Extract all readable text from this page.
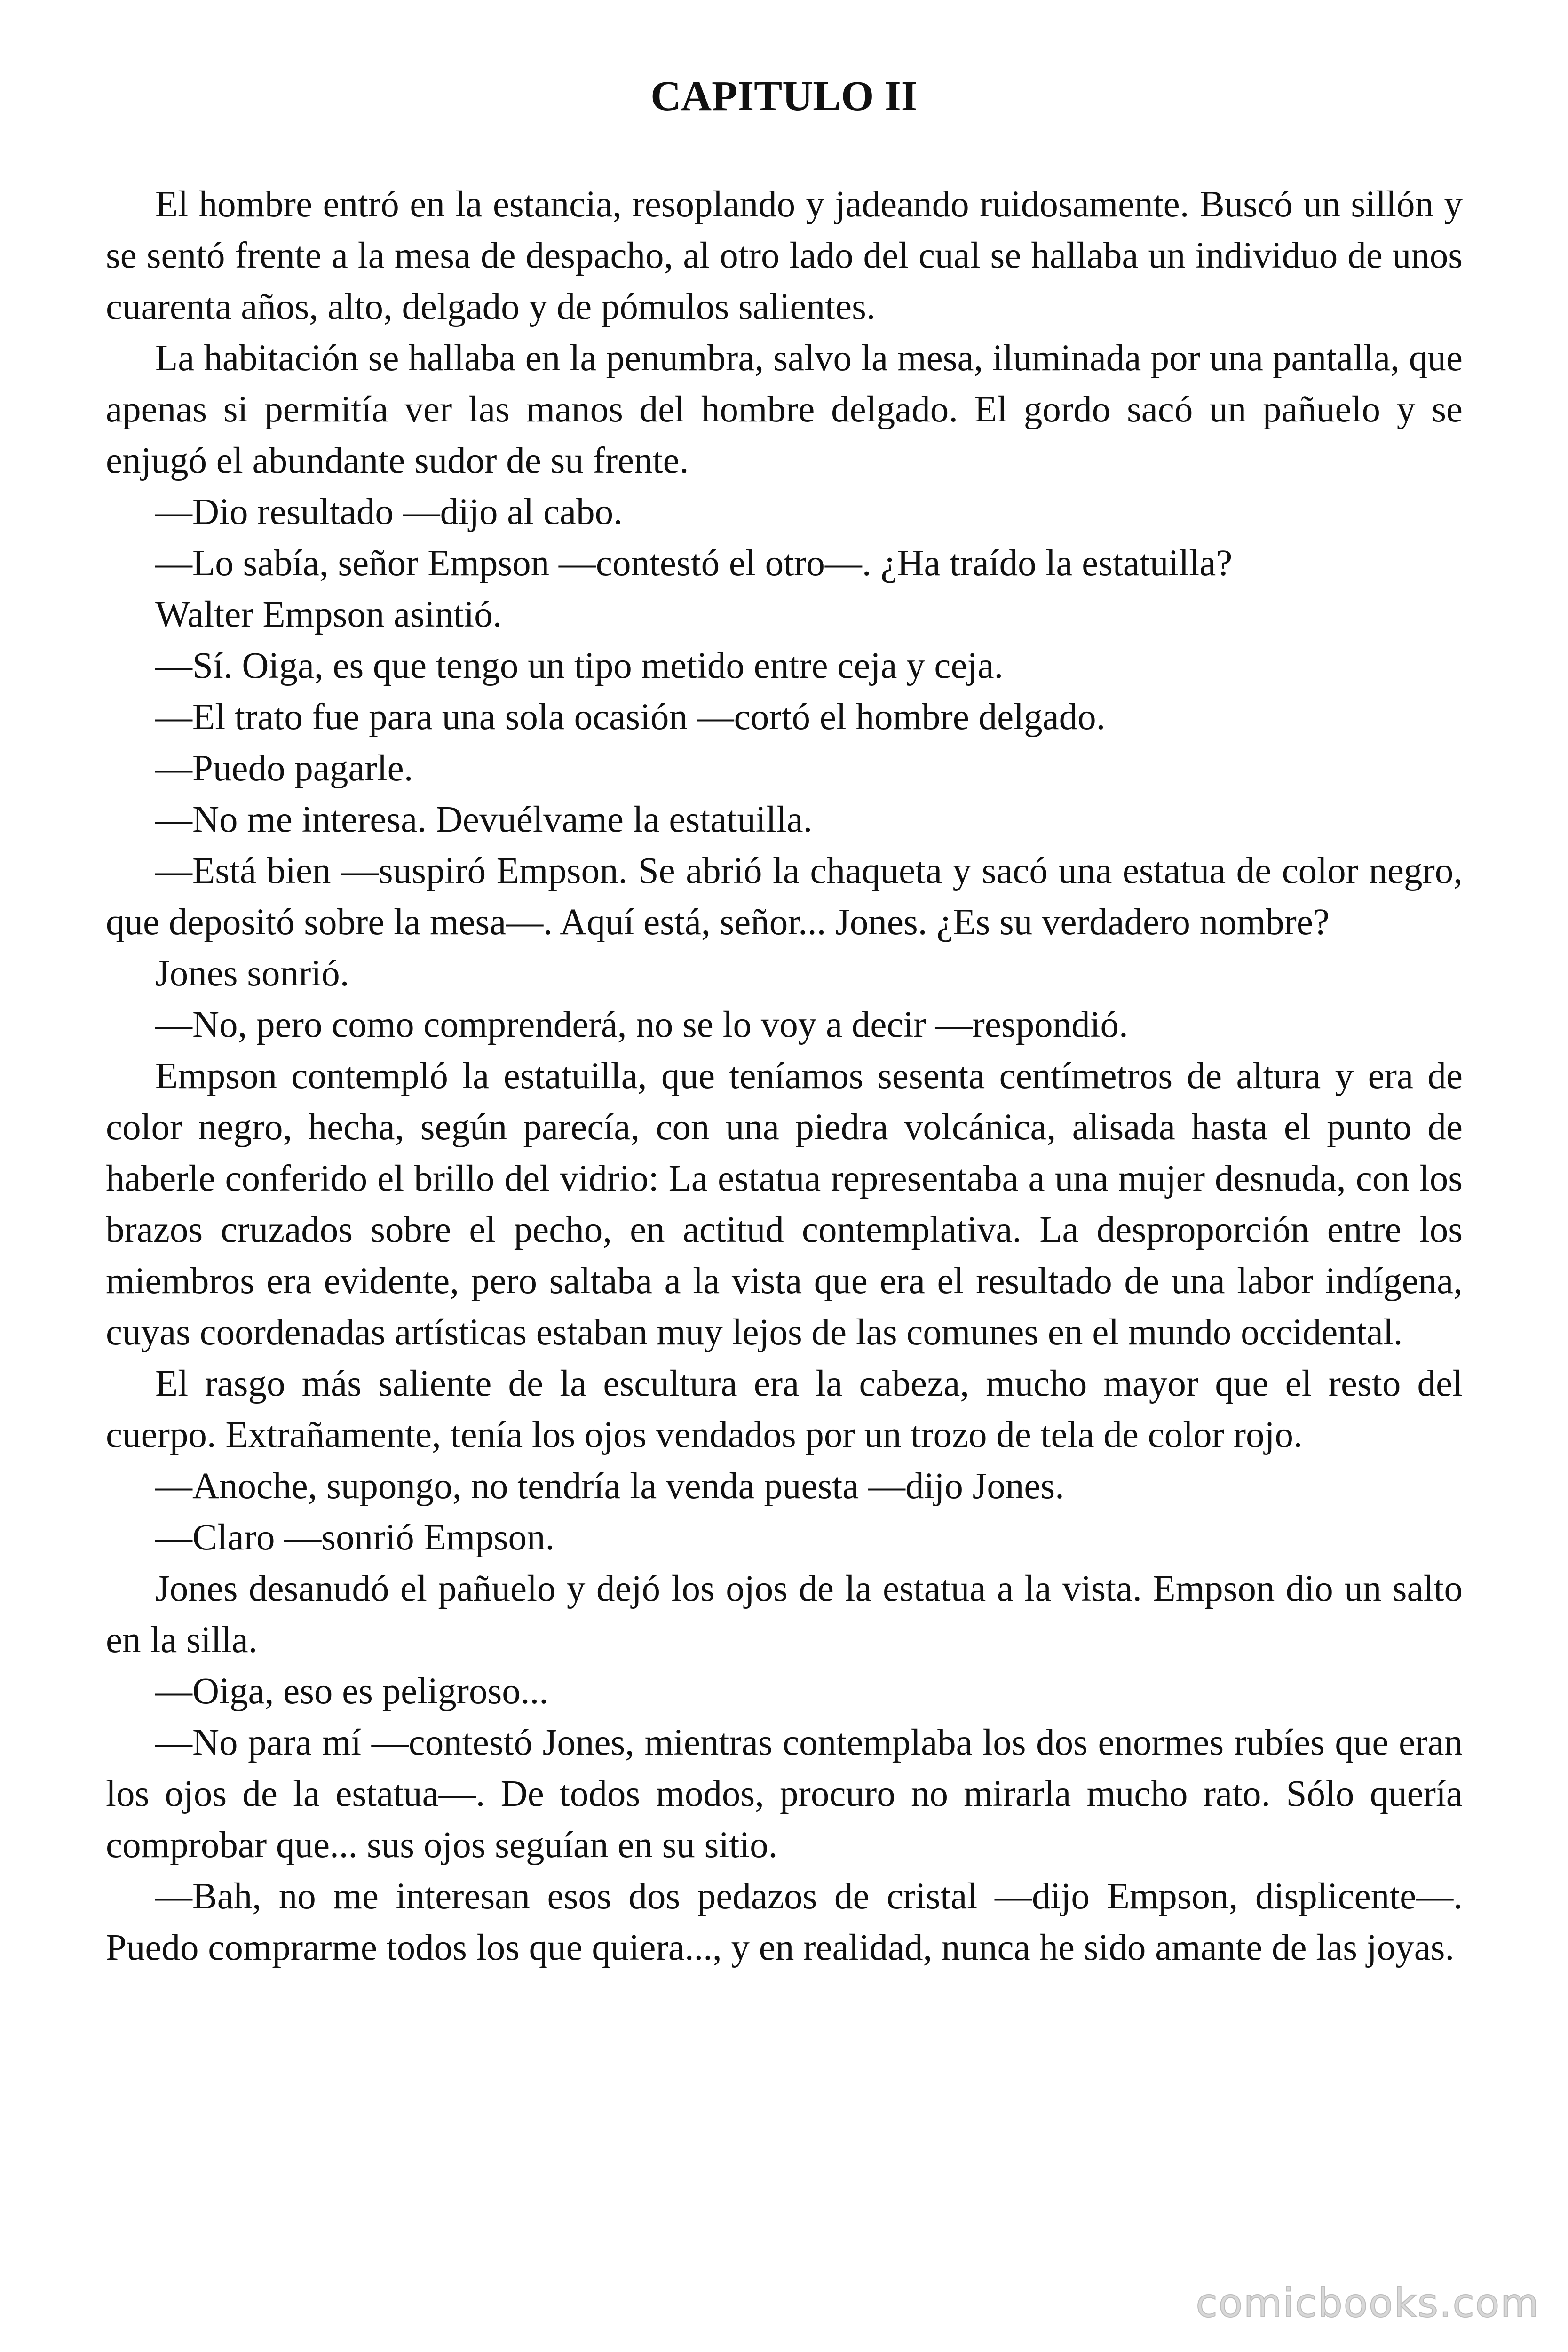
CAPITULO II

El hombre entró en la estancia, resoplando y jadeando ruidosamente. Buscó un sillón y se sentó frente a la mesa de despacho, al otro lado del cual se hallaba un individuo de unos cuarenta años, alto, delgado y de pómulos salientes.

La habitación se hallaba en la penumbra, salvo la mesa, iluminada por una pantalla, que apenas si permitía ver las manos del hombre delgado. El gordo sacó un pañuelo y se enjugó el abundante sudor de su frente.

—Dio resultado —dijo al cabo.

—Lo sabía, señor Empson —contestó el otro—. ¿Ha traído la estatuilla?

Walter Empson asintió.

—Sí. Oiga, es que tengo un tipo metido entre ceja y ceja.

—El trato fue para una sola ocasión —cortó el hombre delgado.

—Puedo pagarle.

—No me interesa. Devuélvame la estatuilla.

—Está bien —suspiró Empson. Se abrió la chaqueta y sacó una estatua de color negro, que depositó sobre la mesa—. Aquí está, señor... Jones. ¿Es su verdadero nombre?

Jones sonrió.

—No, pero como comprenderá, no se lo voy a decir —respondió.

Empson contempló la estatuilla, que teníamos sesenta centímetros de altura y era de color negro, hecha, según parecía, con una piedra volcánica, alisada hasta el punto de haberle conferido el brillo del vidrio: La estatua representaba a una mujer desnuda, con los brazos cruzados sobre el pecho, en actitud contemplativa. La desproporción entre los miembros era evidente, pero saltaba a la vista que era el resultado de una labor indígena, cuyas coordenadas artísticas estaban muy lejos de las comunes en el mundo occidental.

El rasgo más saliente de la escultura era la cabeza, mucho mayor que el resto del cuerpo. Extrañamente, tenía los ojos vendados por un trozo de tela de color rojo.

—Anoche, supongo, no tendría la venda puesta —dijo Jones.

—Claro —sonrió Empson.

Jones desanudó el pañuelo y dejó los ojos de la estatua a la vista. Empson dio un salto en la silla.

—Oiga, eso es peligroso...

—No para mí —contestó Jones, mientras contemplaba los dos enormes rubíes que eran los ojos de la estatua—. De todos modos, procuro no mirarla mucho rato. Sólo quería comprobar que... sus ojos seguían en su sitio.

—Bah, no me interesan esos dos pedazos de cristal —dijo Empson, displicente—. Puedo comprarme todos los que quiera..., y en realidad, nunca he sido amante de las joyas.

comicbooks.com
